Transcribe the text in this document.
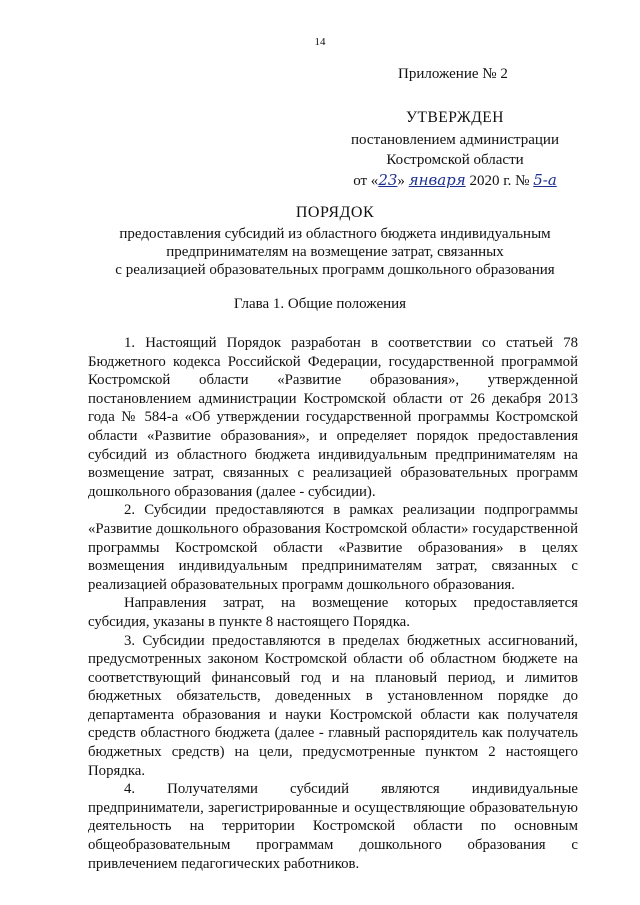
14
Приложение № 2
УТВЕРЖДЕН
постановлением администрации
Костромской области
от «23» января 2020 г. № 5-а
ПОРЯДОК
предоставления субсидий из областного бюджета индивидуальным
предпринимателям на возмещение затрат, связанных
с реализацией образовательных программ дошкольного образования
Глава 1. Общие положения

1. Настоящий Порядок разработан в соответствии со статьей 78 Бюджетного кодекса Российской Федерации, государственной программой Костромской области «Развитие образования», утвержденной постановлением администрации Костромской области от 26 декабря 2013 года № 584-а «Об утверждении государственной программы Костромской области «Развитие образования», и определяет порядок предоставления субсидий из областного бюджета индивидуальным предпринимателям на возмещение затрат, связанных с реализацией образовательных программ дошкольного образования (далее - субсидии).

2. Субсидии предоставляются в рамках реализации подпрограммы «Развитие дошкольного образования Костромской области» государственной программы Костромской области «Развитие образования» в целях возмещения индивидуальным предпринимателям затрат, связанных с реализацией образовательных программ дошкольного образования.

Направления затрат, на возмещение которых предоставляется субсидия, указаны в пункте 8 настоящего Порядка.

3. Субсидии предоставляются в пределах бюджетных ассигнований, предусмотренных законом Костромской области об областном бюджете на соответствующий финансовый год и на плановый период, и лимитов бюджетных обязательств, доведенных в установленном порядке до департамента образования и науки Костромской области как получателя средств областного бюджета (далее - главный распорядитель как получатель бюджетных средств) на цели, предусмотренные пунктом 2 настоящего Порядка.

4. Получателями субсидий являются индивидуальные предприниматели, зарегистрированные и осуществляющие образовательную деятельность на территории Костромской области по основным общеобразовательным программам дошкольного образования с привлечением педагогических работников.
